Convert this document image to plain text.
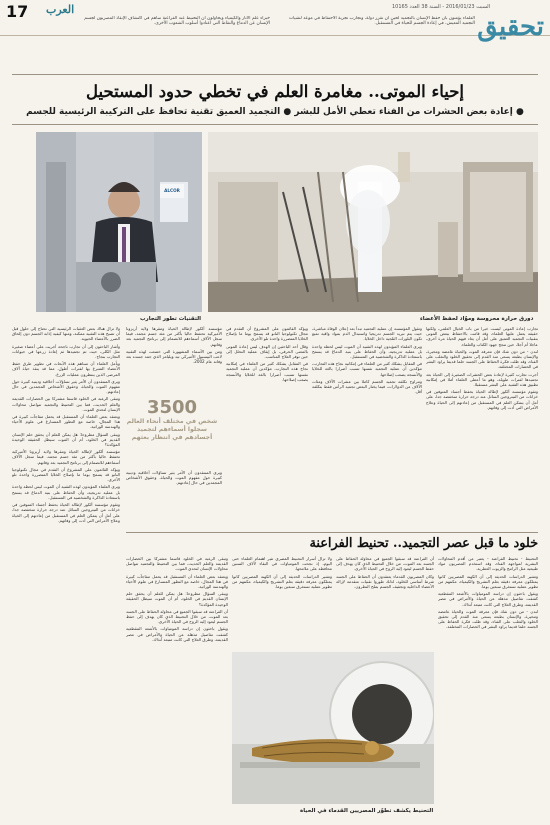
17 العرب
خبراء علم الآثار والكيمياء ويحاولون أن التحنيط عند الفراعنة ساهم في اكتشاف الإنقاذ المصريون لجسم الإنسان عن الدماغ والتقاط التي اعتادوا أسلوب الشعوب الأخرى.
العلماء يؤمنون بأن حفظ الإنسان بالتجميد لحين أن تقرر دولة، وتجارب تجربة الاحتفاظ في موعد لتقنيات التجميد المعيش، في إعادة الجسم للحياة في المستقبل.
السبت 2016/01/23 - السنة 38 العدد 10165
تحقيق
إحياء الموتى.. مغامرة العلم في تخطي حدود المستحيل
● إعادة بعض الحشرات من الفناء تعطي الأمل للبشر ● التجميد العميق تقنية تحافظ على التركيبة الرئيسية للجسم
دورق حرارة محروسة وموّاد لحفظ الأعضاء
ALCOR
التقنيات تطور التجارب

تجارب إعادة الموتى ليست خيرا من باب الخيال العلمي، ولكنها حقيقة يعمل عليها العلماء، وقد قامت بالاحتفاظ ببعض الموتى بتقنيات التجميد العميق على أمل أن يعاد فيهم الحياة مرة أخرى، عاجلا أم آجلا، حين تنجح جهود الكتاب والعلماء.

لندن - من دون شك فإن معرفة الموت والحياة غامضة ومحيرة، والإنسان بطبعه يسعى منذ القدم إلى تحقيق الخلود والتغلب على الفناء، وقد ظلت فكرة الحفاظ على الجسد حلما قديما يراود البشر في الحضارات المختلفة.

أجرت تجارب كثيرة لإعادة بعض الحشرات الصغيرة إلى الحياة بعد تجميدها لفترات طويلة، وهو ما أعطى العلماء أملا في إمكانية تطبيق هذه التقنية على البشر مستقبلا.

وتقوم مؤسسة ألكور لإطالة الحياة بحفظ أجساد المتوفين في خزانات من النيتروجين السائل عند درجة حرارة منخفضة جدا، على أمل أن يتمكن العلم في المستقبل من إعادتهم إلى الحياة وعلاج الأمراض التي أدت إلى وفاتهم.

وتقول المؤسسة إن عملية التجميد تبدأ بعد إعلان الوفاة مباشرة، حيث يتم تبريد الجسم تدريجيا واستبدال الدم بمواد واقية تمنع تكون البلورات الثلجية داخل الخلايا.

ويرى العلماء المؤيدون لهذه التقنية أن الموت ليس لحظة واحدة بل عملية تدريجية، وأن الحفاظ على بنية الدماغ قد يسمح باستعادة الذاكرة والشخصية في المستقبل.

في المقابل يشكك كثير من العلماء في إمكانية نجاح هذه التجارب، مؤكدين أن عملية التجميد نفسها تسبب أضرارا بالغة للخلايا والأنسجة يصعب إصلاحها.

وتتراوح تكلفة تجميد الجسم كاملا بين عشرات الآلاف ومئات الآلاف من الدولارات، فيما يختار البعض تجميد الرأس فقط بتكلفة أقل.

مؤسسة ألكور لإطالة الحياة ومقرها ولاية أريزونا الأميركية تحتفظ حاليا بأكثر من مئة جسم مجمد، فيما سجل الآلاف أسماءهم للانضمام إلى برنامج التجميد بعد وفاتهم.

ومن بين الأسماء المشهورة التي خضعت لهذه التقنية لاعب البيسبول الأميركي تيد ويليامز الذي جمد جسده بعد وفاته عام 2002.

ويؤكد القائمون على المشروع أن التقدم في مجال تكنولوجيا النانو قد يسمح يوما ما بإصلاح الخلايا المتضررة واحدة تلو الأخرى.

وقال أحد الباحثين إن الهدف ليس إعادة الموتى بالمعنى الحرفي، بل إيقاف عملية التحلل إلى حين توفر العلاج المناسب.

في المقابل يشكك كثير من العلماء في إمكانية نجاح هذه التجارب، مؤكدين أن عملية التجميد نفسها تسبب أضرارا بالغة للخلايا والأنسجة يصعب إصلاحها.

3500
شخص في مختلف أنحاء العالم سجلوا أسماءهم لتجميد أجسادهم في انتظار بعثهم

ويرى المنتقدون أن الأمر يثير تساؤلات أخلاقية ودينية كبيرة حول مفهوم الموت والحياة، وحقوق الأشخاص المجمدين في حال إعادتهم.

ولا تزال هناك بعض العقبات الرئيسية التي تحتاج إلى حلول قبل أن تصبح هذه التقنية ممكنة، ومنها كيفية إذابة الجسم دون إلحاق الضرر بالأعضاء الحيوية.

وأشار الباحثون إلى أن تجارب ناجحة أجريت على أعضاء صغيرة مثل الكلى، حيث تم تجميدها ثم إعادة زرعها في حيوانات التجارب بنجاح.

ويأمل العلماء أن تساهم هذه الأبحاث في تطوير طرق حفظ الأعضاء المتبرع بها لفترات أطول، مما قد ينقذ حياة آلاف المرضى الذين ينتظرون عمليات الزرع.

ويرى المنتقدون أن الأمر يثير تساؤلات أخلاقية ودينية كبيرة حول مفهوم الموت والحياة، وحقوق الأشخاص المجمدين في حال إعادتهم.

وتبقى الرغبة في الخلود قاسما مشتركا بين الحضارات القديمة والعلم الحديث، فما بين التحنيط والتجميد تتواصل محاولات الإنسان لتحدي الموت.

ويعتقد بعض العلماء أن المستقبل قد يحمل مفاجآت كبيرة في هذا المجال، خاصة مع التطور المتسارع في علوم الأحياء والهندسة الوراثية.

ويبقى السؤال مطروحا: هل يمكن للعلم أن يحقق حلم الإنسان القديم في الخلود، أم أن الموت سيظل الحقيقة الوحيدة المؤكدة؟

مؤسسة ألكور لإطالة الحياة ومقرها ولاية أريزونا الأميركية تحتفظ حاليا بأكثر من مئة جسم مجمد، فيما سجل الآلاف أسماءهم للانضمام إلى برنامج التجميد بعد وفاتهم.

ويؤكد القائمون على المشروع أن التقدم في مجال تكنولوجيا النانو قد يسمح يوما ما بإصلاح الخلايا المتضررة واحدة تلو الأخرى.

ويرى العلماء المؤيدون لهذه التقنية أن الموت ليس لحظة واحدة بل عملية تدريجية، وأن الحفاظ على بنية الدماغ قد يسمح باستعادة الذاكرة والشخصية في المستقبل.

وتقوم مؤسسة ألكور لإطالة الحياة بحفظ أجساد المتوفين في خزانات من النيتروجين السائل عند درجة حرارة منخفضة جدا، على أمل أن يتمكن العلم في المستقبل من إعادتهم إلى الحياة وعلاج الأمراض التي أدت إلى وفاتهم.

خلود ما قبل عصر التجميد.. تحنيط الفراعنة

التحنيط - تحنيط الفراعنة - يعتبر من أقدم المحاولات البشرية لمواجهة الفناء، وقد استخدم المصريون مواد طبيعية مثل الراتنج والزيوت العطرية.

وتشير الدراسات الحديثة إلى أن الكهنة المصريين كانوا يمتلكون معرفة دقيقة بعلم التشريح والكيمياء، مكنتهم من تطوير عملية تستغرق سبعين يوما.

ويقول باحثون إن دراسة المومياوات بالأشعة المقطعية كشفت تفاصيل مذهلة عن الحياة والأمراض في مصر القديمة، وطرق العلاج التي كانت متبعة آنذاك.

لندن - من دون شك فإن معرفة الموت والحياة غامضة ومحيرة، والإنسان بطبعه يسعى منذ القدم إلى تحقيق الخلود والتغلب على الفناء، وقد ظلت فكرة الحفاظ على الجسد حلما قديما يراود البشر في الحضارات المختلفة.

أن الفراعنة قد سبقوا الجميع في محاولة الحفاظ على الجسد بعد الموت، من خلال التحنيط الذي كان يهدف إلى حفظ الجسم ليعود إليه الروح في الحياة الأخرى.

وكان المصريون القدماء يعتقدون أن الحفاظ على الجسد شرط أساسي للخلود، لذلك طوروا تقنيات متقدمة لإزالة الأعضاء الداخلية وتجفيف الجسم بملح النطرون.

ولا تزال أسرار التحنيط المصري تثير اهتمام العلماء حتى اليوم، إذ نجحت المومياوات في البقاء لآلاف السنين محافظة على ملامحها.

وتشير الدراسات الحديثة إلى أن الكهنة المصريين كانوا يمتلكون معرفة دقيقة بعلم التشريح والكيمياء، مكنتهم من تطوير عملية تستغرق سبعين يوما.

وتبقى الرغبة في الخلود قاسما مشتركا بين الحضارات القديمة والعلم الحديث، فما بين التحنيط والتجميد تتواصل محاولات الإنسان لتحدي الموت.

ويعتقد بعض العلماء أن المستقبل قد يحمل مفاجآت كبيرة في هذا المجال، خاصة مع التطور المتسارع في علوم الأحياء والهندسة الوراثية.

ويبقى السؤال مطروحا: هل يمكن للعلم أن يحقق حلم الإنسان القديم في الخلود، أم أن الموت سيظل الحقيقة الوحيدة المؤكدة؟

أن الفراعنة قد سبقوا الجميع في محاولة الحفاظ على الجسد بعد الموت، من خلال التحنيط الذي كان يهدف إلى حفظ الجسم ليعود إليه الروح في الحياة الأخرى.

ويقول باحثون إن دراسة المومياوات بالأشعة المقطعية كشفت تفاصيل مذهلة عن الحياة والأمراض في مصر القديمة، وطرق العلاج التي كانت متبعة آنذاك.

التحنيط يكشف تطوّر المصريين القدماء في الحياة
